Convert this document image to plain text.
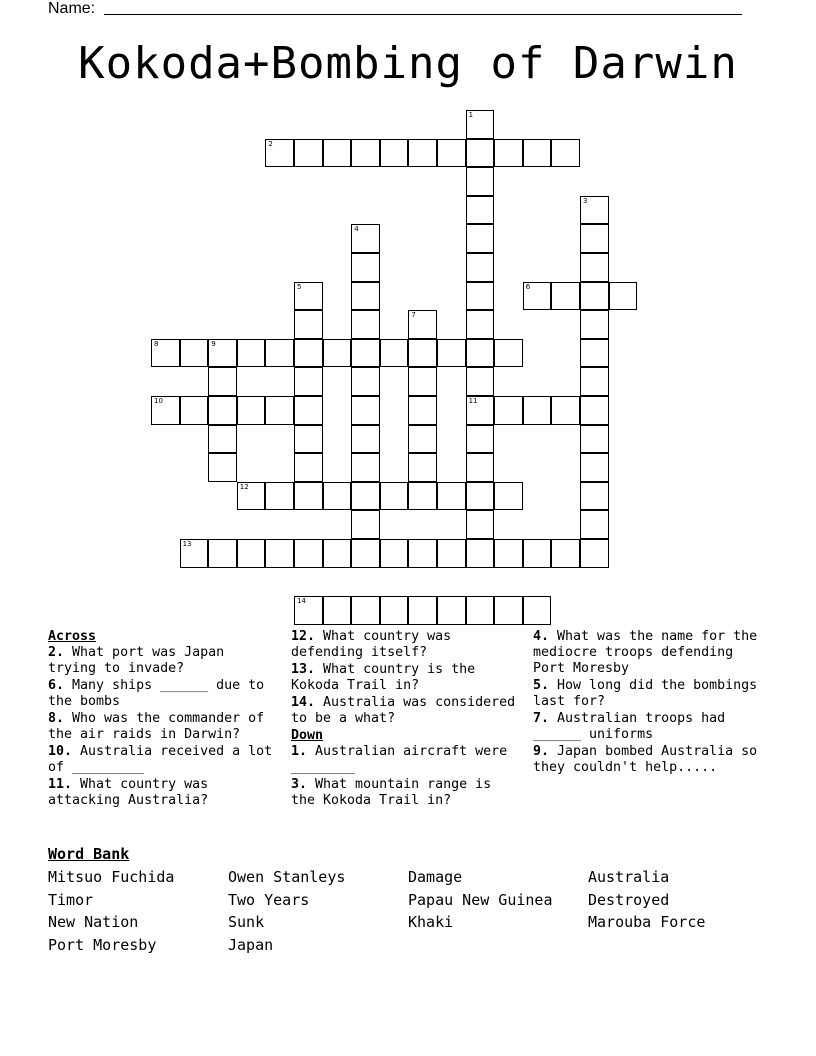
Name:
Kokoda+Bombing of Darwin
1
11
2
3
4
5	6
7
8	9
10
12
13
14
Across
2. What port was Japan trying to invade?
6. Many ships ______ due to the bombs
8. Who was the commander of the air raids in Darwin?
10. Australia received a lot of _________
11. What country was attacking Australia?
12. What country was defending itself?
13. What country is the Kokoda Trail in?
14. Australia was considered to be a what?
Down
1. Australian aircraft were ________
3. What mountain range is the Kokoda Trail in?
4. What was the name for the mediocre troops defending Port Moresby
5. How long did the bombings last for?
7. Australian troops had ______ uniforms
9. Japan bombed Australia so they couldn't help.....
Word Bank
Mitsuo Fuchida
Timor
New Nation
Port Moresby
Owen Stanleys
Two Years
Sunk
Japan
Damage
Papau New Guinea
Khaki
Australia
Destroyed
Marouba Force
